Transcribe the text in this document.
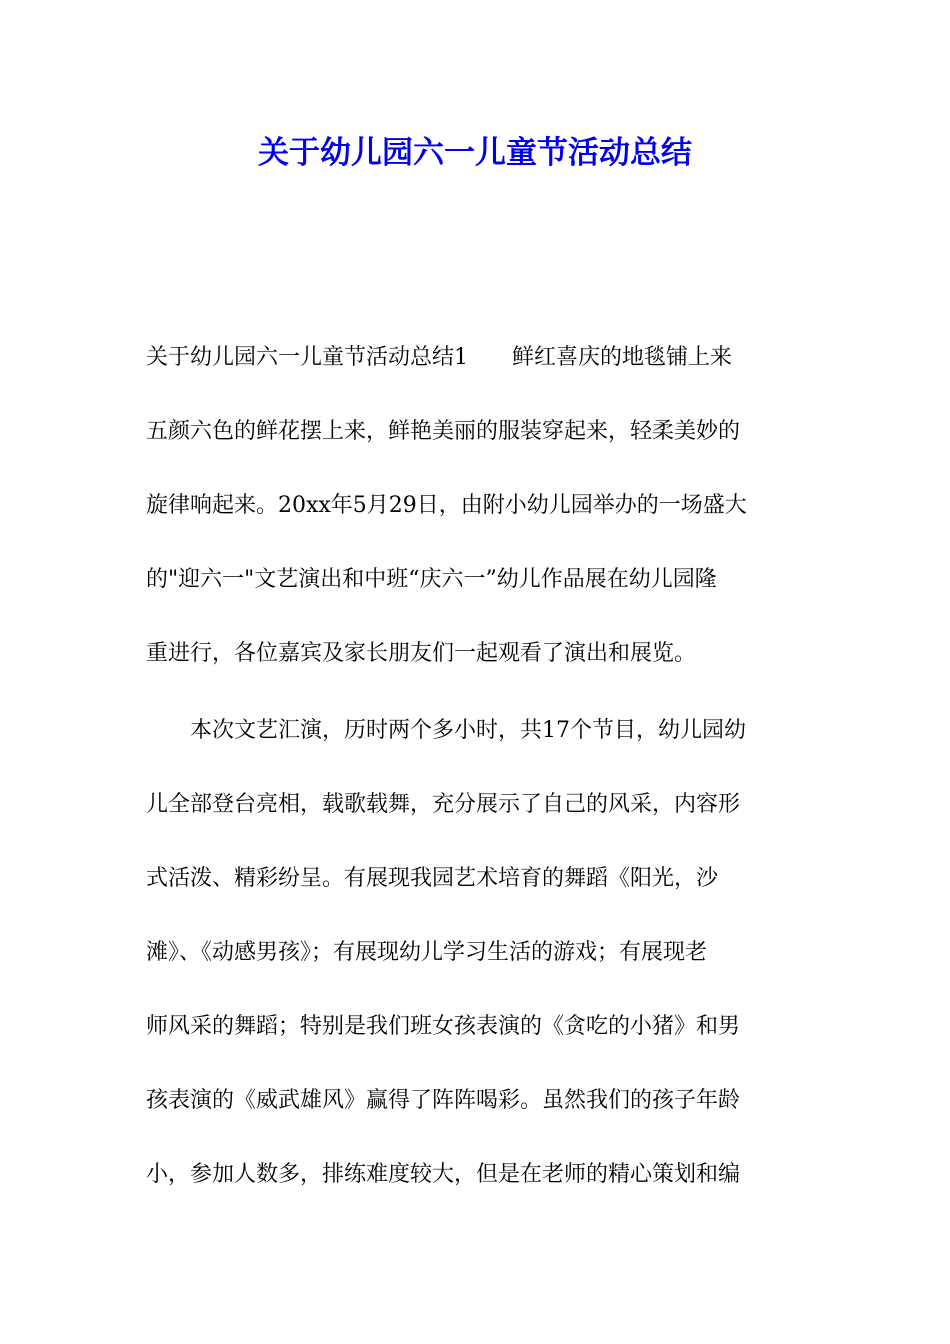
关于幼儿园六一儿童节活动总结
关于幼儿园六一儿童节活动总结1　　鲜红喜庆的地毯铺上来
五颜六色的鲜花摆上来，鲜艳美丽的服装穿起来，轻柔美妙的
旋律响起来。20xx年5月29日，由附小幼儿园举办的一场盛大
的"迎六一"文艺演出和中班“庆六一”幼儿作品展在幼儿园隆
重进行，各位嘉宾及家长朋友们一起观看了演出和展览。
　　本次文艺汇演，历时两个多小时，共17个节目，幼儿园幼
儿全部登台亮相，载歌载舞，充分展示了自己的风采，内容形
式活泼、精彩纷呈。有展现我园艺术培育的舞蹈《阳光，沙
滩》、《动感男孩》；有展现幼儿学习生活的游戏；有展现老
师风采的舞蹈；特别是我们班女孩表演的《贪吃的小猪》和男
孩表演的《威武雄风》赢得了阵阵喝彩。虽然我们的孩子年龄
小，参加人数多，排练难度较大，但是在老师的精心策划和编
